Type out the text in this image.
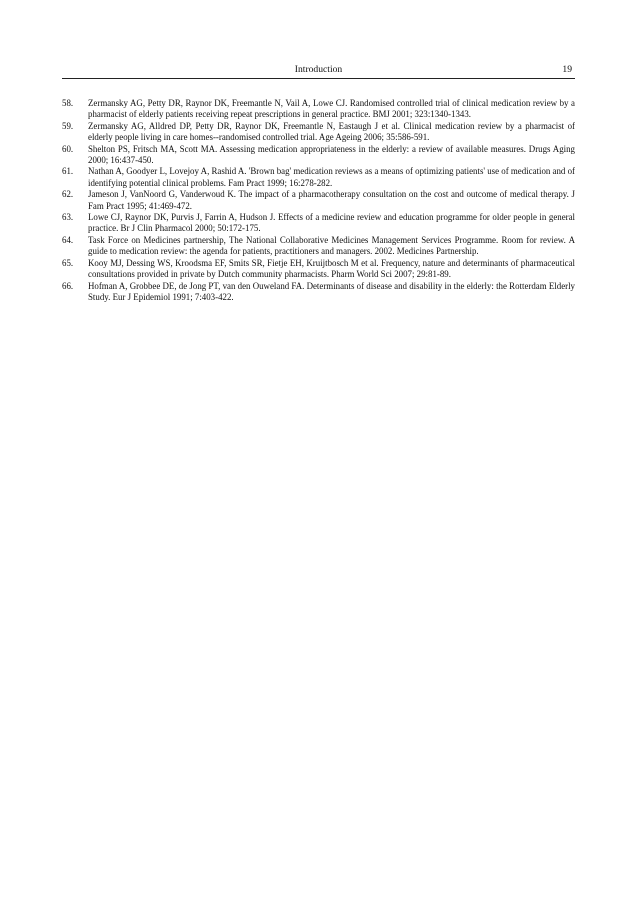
Introduction	19
58. Zermansky AG, Petty DR, Raynor DK, Freemantle N, Vail A, Lowe CJ. Randomised controlled trial of clinical medication review by a pharmacist of elderly patients receiving repeat prescriptions in general practice. BMJ 2001; 323:1340-1343.
59. Zermansky AG, Alldred DP, Petty DR, Raynor DK, Freemantle N, Eastaugh J et al. Clinical medication review by a pharmacist of elderly people living in care homes--randomised controlled trial. Age Ageing 2006; 35:586-591.
60. Shelton PS, Fritsch MA, Scott MA. Assessing medication appropriateness in the elderly: a review of available measures. Drugs Aging 2000; 16:437-450.
61. Nathan A, Goodyer L, Lovejoy A, Rashid A. 'Brown bag' medication reviews as a means of optimizing patients' use of medication and of identifying potential clinical problems. Fam Pract 1999; 16:278-282.
62. Jameson J, VanNoord G, Vanderwoud K. The impact of a pharmacotherapy consultation on the cost and outcome of medical therapy. J Fam Pract 1995; 41:469-472.
63. Lowe CJ, Raynor DK, Purvis J, Farrin A, Hudson J. Effects of a medicine review and education programme for older people in general practice. Br J Clin Pharmacol 2000; 50:172-175.
64. Task Force on Medicines partnership, The National Collaborative Medicines Management Services Programme. Room for review. A guide to medication review: the agenda for patients, practitioners and managers. 2002. Medicines Partnership.
65. Kooy MJ, Dessing WS, Kroodsma EF, Smits SR, Fietje EH, Kruijtbosch M et al. Frequency, nature and determinants of pharmaceutical consultations provided in private by Dutch community pharmacists. Pharm World Sci 2007; 29:81-89.
66. Hofman A, Grobbee DE, de Jong PT, van den Ouweland FA. Determinants of disease and disability in the elderly: the Rotterdam Elderly Study. Eur J Epidemiol 1991; 7:403-422.
